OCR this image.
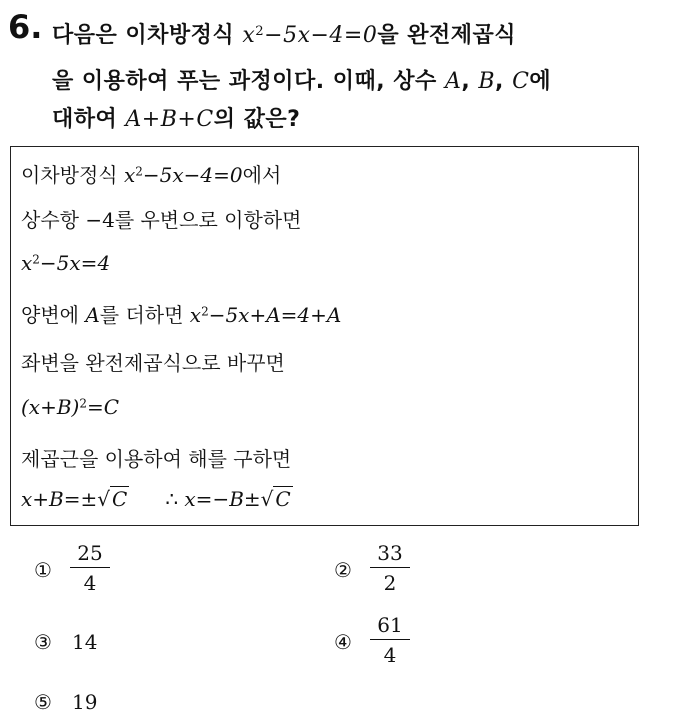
6. 다음은 이차방정식 $x^2-5x-4=0$을 완전제곱식
을 이용하여 푸는 과정이다. 이때, 상수 A, B, C에
대하여 A+B+C의 값은?
이차방정식 $x^2-5x-4=0$에서
상수항 −4를 우변으로 이항하면
$x^2-5x=4$
양변에 A를 더하면 $x^2-5x+A=4+A$
좌변을 완전제곱식으로 바꾸면
$(x+B)^2=C$
제곱근을 이용하여 해를 구하면
x+B=±√ C ∴ x=−B±√ C
① $\frac{25}{4}$	② $\frac{33}{2}$
③ 14	④ $\frac{61}{4}$
⑤ 19
